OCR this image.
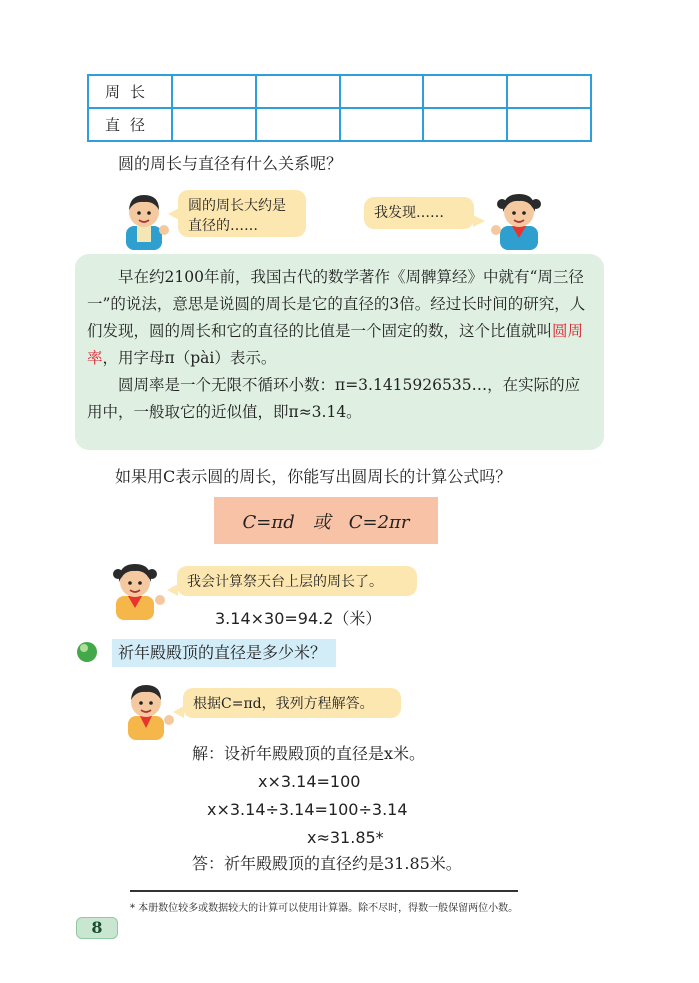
周长					
直径					
圆的周长与直径有什么关系呢？
圆的周长大约是直径的……
我发现……

早在约2100年前，我国古代的数学著作《周髀算经》中就有“周三径一”的说法，意思是说圆的周长是它的直径的3倍。经过长时间的研究，人们发现，圆的周长和它的直径的比值是一个固定的数，这个比值就叫圆周率，用字母π（pài）表示。

圆周率是一个无限不循环小数：π=3.1415926535…，在实际的应用中，一般取它的近似值，即π≈3.14。

如果用C表示圆的周长，你能写出圆周长的计算公式吗？
C=πd　或　C=2πr
我会计算祭天台上层的周长了。
3.14×30=94.2（米）
祈年殿殿顶的直径是多少米？
根据C=πd，我列方程解答。
解：设祈年殿殿顶的直径是x米。
x×3.14=100
x×3.14÷3.14=100÷3.14
x≈31.85*
答：祈年殿殿顶的直径约是31.85米。
* 本册数位较多或数据较大的计算可以使用计算器。除不尽时，得数一般保留两位小数。
8
